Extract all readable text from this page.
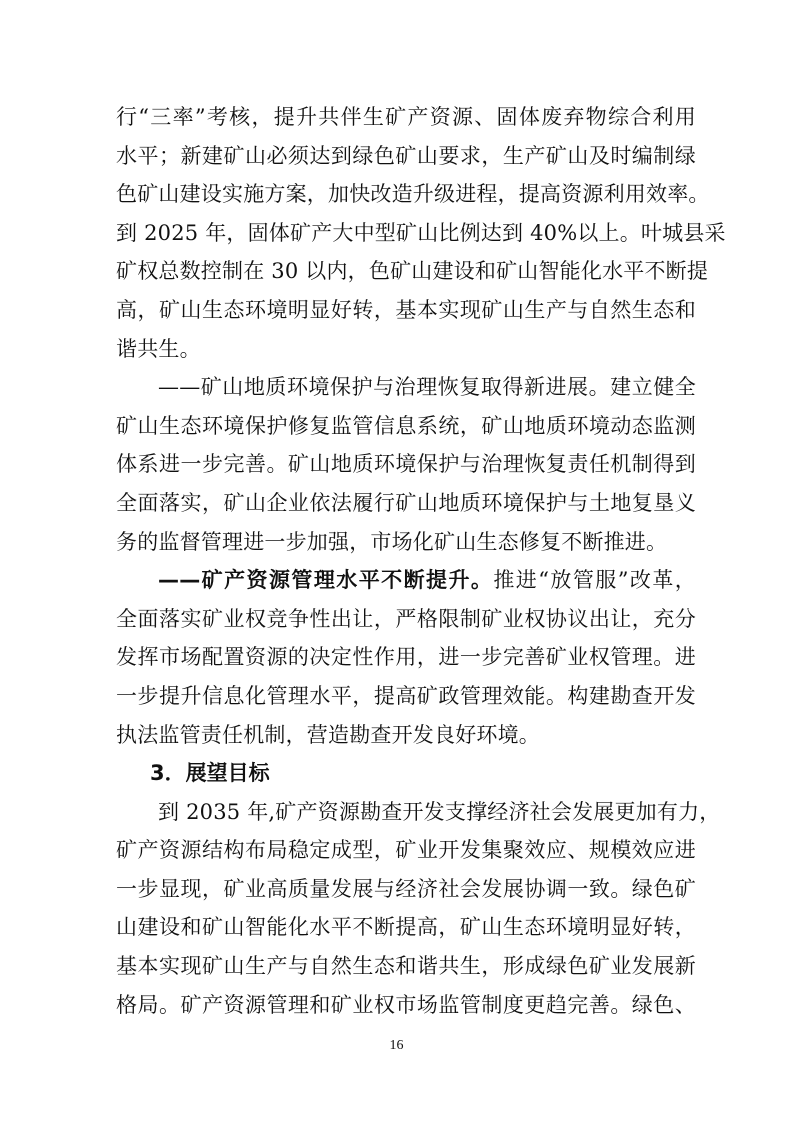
行“三率”考核，提升共伴生矿产资源、固体废弃物综合利用
水平；新建矿山必须达到绿色矿山要求，生产矿山及时编制绿
色矿山建设实施方案，加快改造升级进程，提高资源利用效率。
到 2025 年，固体矿产大中型矿山比例达到 40%以上。叶城县采
矿权总数控制在 30 以内，色矿山建设和矿山智能化水平不断提
高，矿山生态环境明显好转，基本实现矿山生产与自然生态和
谐共生。
——矿山地质环境保护与治理恢复取得新进展。建立健全
矿山生态环境保护修复监管信息系统，矿山地质环境动态监测
体系进一步完善。矿山地质环境保护与治理恢复责任机制得到
全面落实，矿山企业依法履行矿山地质环境保护与土地复垦义
务的监督管理进一步加强，市场化矿山生态修复不断推进。
——矿产资源管理水平不断提升。推进“放管服”改革，
全面落实矿业权竞争性出让，严格限制矿业权协议出让，充分
发挥市场配置资源的决定性作用，进一步完善矿业权管理。进
一步提升信息化管理水平，提高矿政管理效能。构建勘查开发
执法监管责任机制，营造勘查开发良好环境。
3．展望目标
到 2035 年,矿产资源勘查开发支撑经济社会发展更加有力，
矿产资源结构布局稳定成型，矿业开发集聚效应、规模效应进
一步显现，矿业高质量发展与经济社会发展协调一致。绿色矿
山建设和矿山智能化水平不断提高，矿山生态环境明显好转，
基本实现矿山生产与自然生态和谐共生，形成绿色矿业发展新
格局。矿产资源管理和矿业权市场监管制度更趋完善。绿色、
16
